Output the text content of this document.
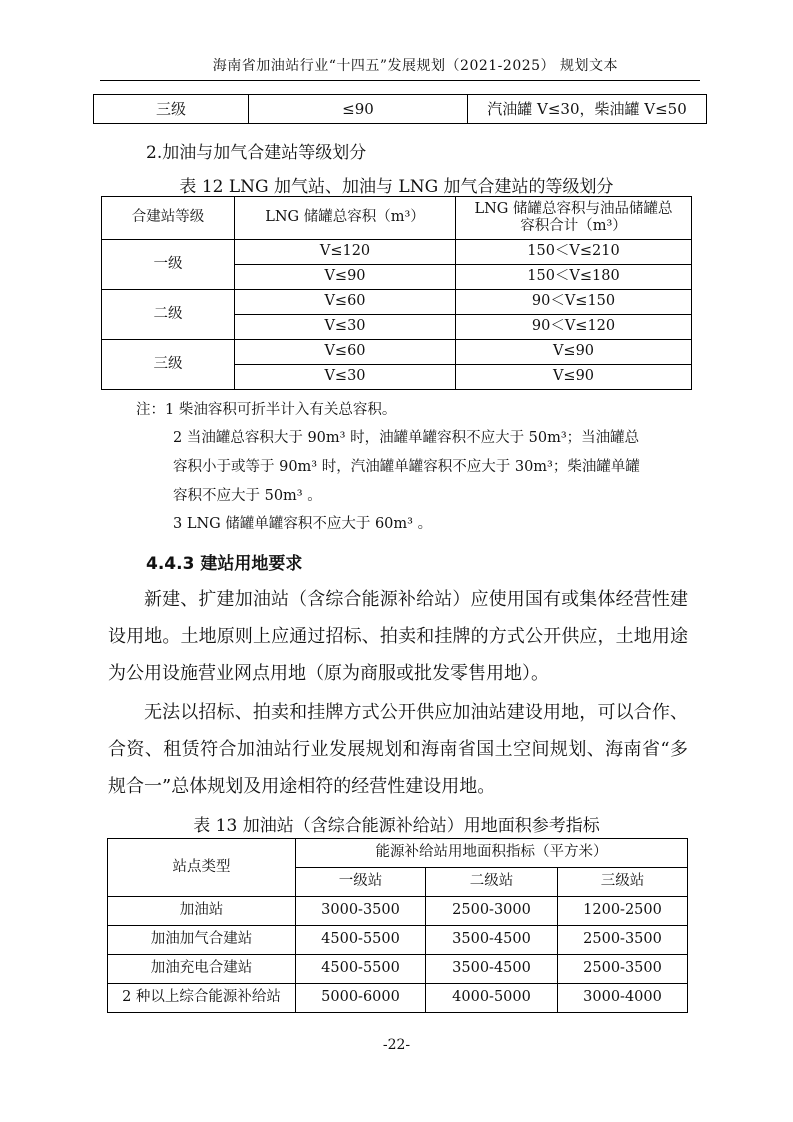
海南省加油站行业“十四五”发展规划（2021-2025） 规划文本
三级	≤90	汽油罐 V≤30，柴油罐 V≤50
2.加油与加气合建站等级划分
表 12 LNG 加气站、加油与 LNG 加气合建站的等级划分
合建站等级	LNG 储罐总容积（m³）	LNG 储罐总容积与油品储罐总容积合计（m³）
一级	V≤120	150＜V≤210
	V≤90	150＜V≤180
二级	V≤60	90＜V≤150
	V≤30	90＜V≤120
三级	V≤60	V≤90
	V≤30	V≤90
注：1 柴油容积可折半计入有关总容积。
2 当油罐总容积大于 90m³ 时，油罐单罐容积不应大于 50m³；当油罐总
容积小于或等于 90m³ 时，汽油罐单罐容积不应大于 30m³；柴油罐单罐
容积不应大于 50m³ 。
3 LNG 储罐单罐容积不应大于 60m³ 。
4.4.3 建站用地要求
新建、扩建加油站（含综合能源补给站）应使用国有或集体经营性建设用地。土地原则上应通过招标、拍卖和挂牌的方式公开供应，土地用途为公用设施营业网点用地（原为商服或批发零售用地）。
无法以招标、拍卖和挂牌方式公开供应加油站建设用地，可以合作、合资、租赁符合加油站行业发展规划和海南省国土空间规划、海南省“多规合一”总体规划及用途相符的经营性建设用地。
表 13 加油站（含综合能源补给站）用地面积参考指标
站点类型	能源补给站用地面积指标（平方米）		
	一级站	二级站	三级站
加油站	3000-3500	2500-3000	1200-2500
加油加气合建站	4500-5500	3500-4500	2500-3500
加油充电合建站	4500-5500	3500-4500	2500-3500
2 种以上综合能源补给站	5000-6000	4000-5000	3000-4000
-22-
